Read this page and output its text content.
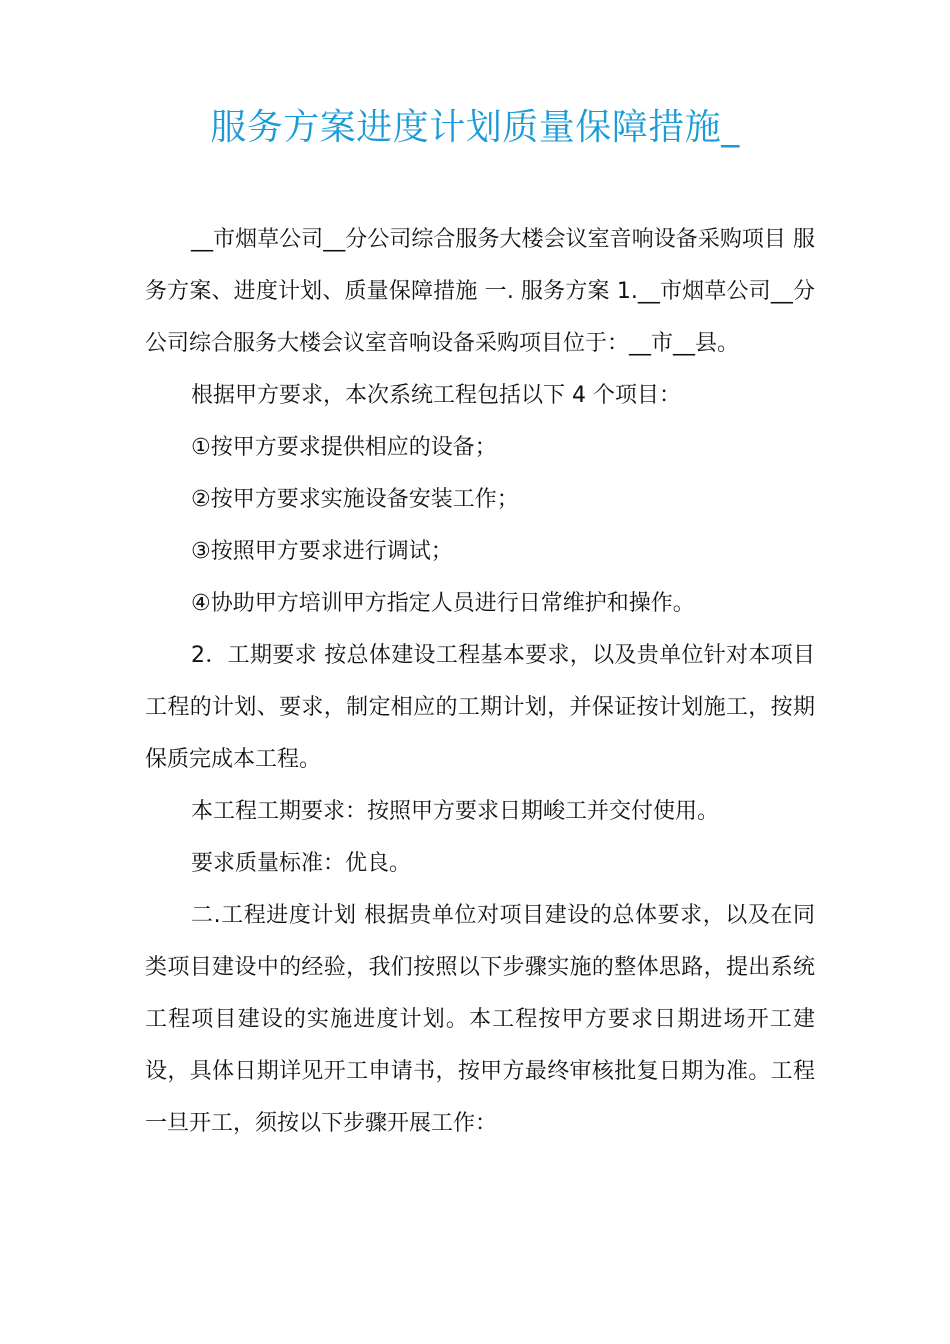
服务方案进度计划质量保障措施_

__市烟草公司__分公司综合服务大楼会议室音响设备采购项目 服务方案、进度计划、质量保障措施 一. 服务方案 1.__市烟草公司__分公司综合服务大楼会议室音响设备采购项目位于：__市__县。

根据甲方要求，本次系统工程包括以下 4 个项目：

①按甲方要求提供相应的设备；

②按甲方要求实施设备安装工作；

③按照甲方要求进行调试；

④协助甲方培训甲方指定人员进行日常维护和操作。

2．工期要求 按总体建设工程基本要求，以及贵单位针对本项目工程的计划、要求，制定相应的工期计划，并保证按计划施工，按期保质完成本工程。

本工程工期要求：按照甲方要求日期峻工并交付使用。

要求质量标准：优良。

二.工程进度计划 根据贵单位对项目建设的总体要求，以及在同类项目建设中的经验，我们按照以下步骤实施的整体思路，提出系统工程项目建设的实施进度计划。本工程按甲方要求日期进场开工建设，具体日期详见开工申请书，按甲方最终审核批复日期为准。工程一旦开工，须按以下步骤开展工作：
